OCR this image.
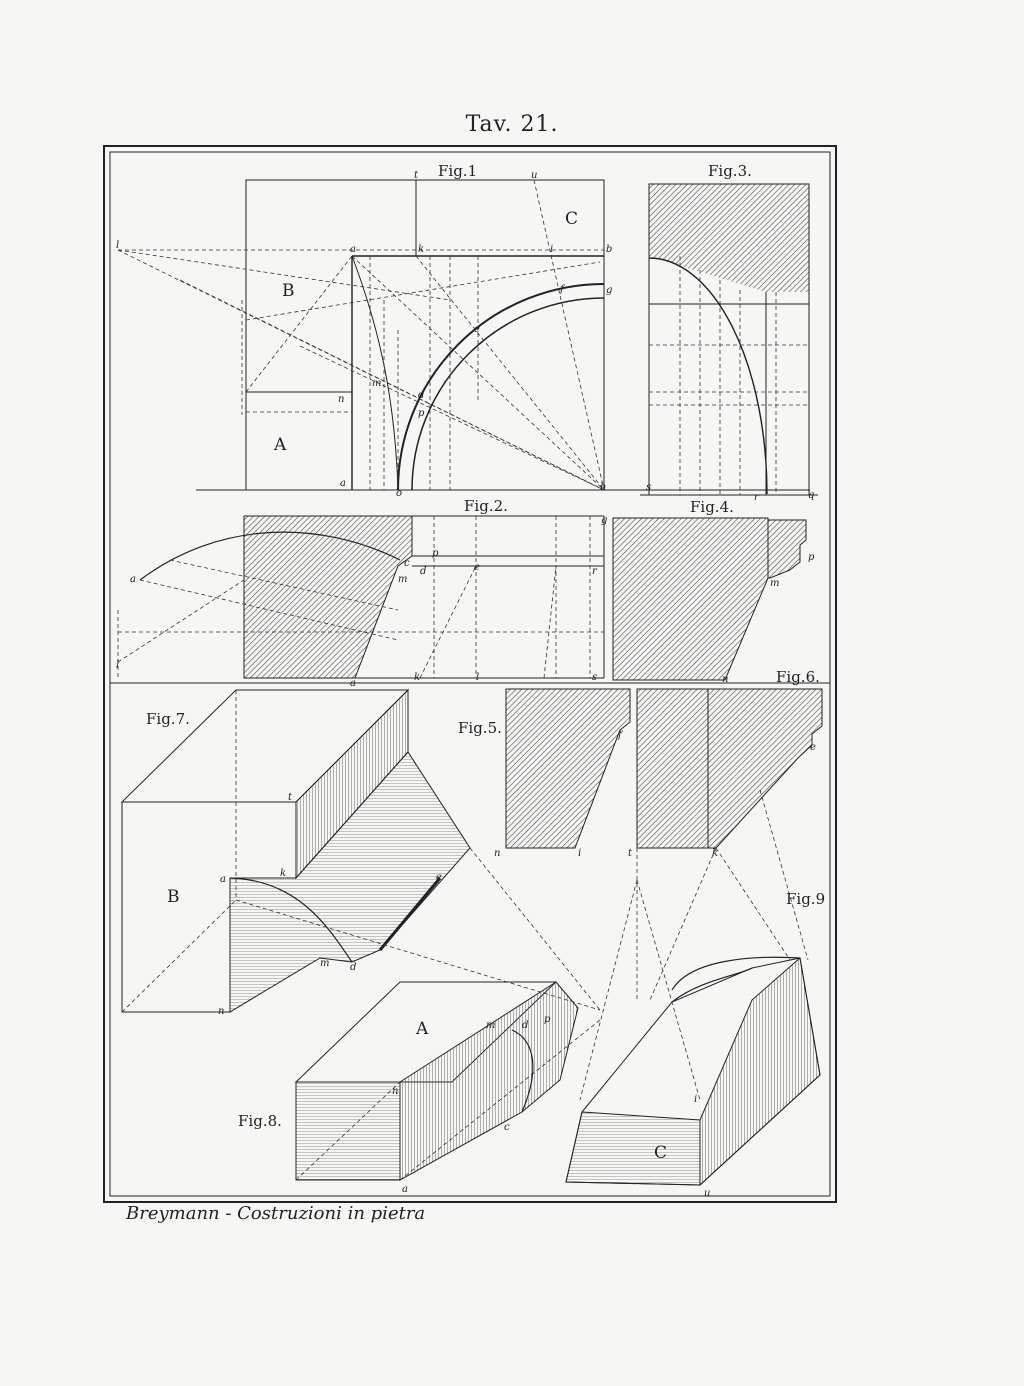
Tav. 21.
Fig.1	Fig.3.
Fig.2.	Fig.4.
Fig.6.
Fig.5.
Fig.7.
Fig.8.
Fig.9
C
B
A
B
A
C
t	u
l	a	k	i	b
g
f
e
n
m
d
p
o
h
a
a
c
p
m
d	e	r
g
l
k	l	s
a
s
r	q
p
m
n
f
n	i
e
t	k
t
a
k	e
m d
n
m	d
p
n
c
a
i
u
Breymann - Costruzioni in pietra
